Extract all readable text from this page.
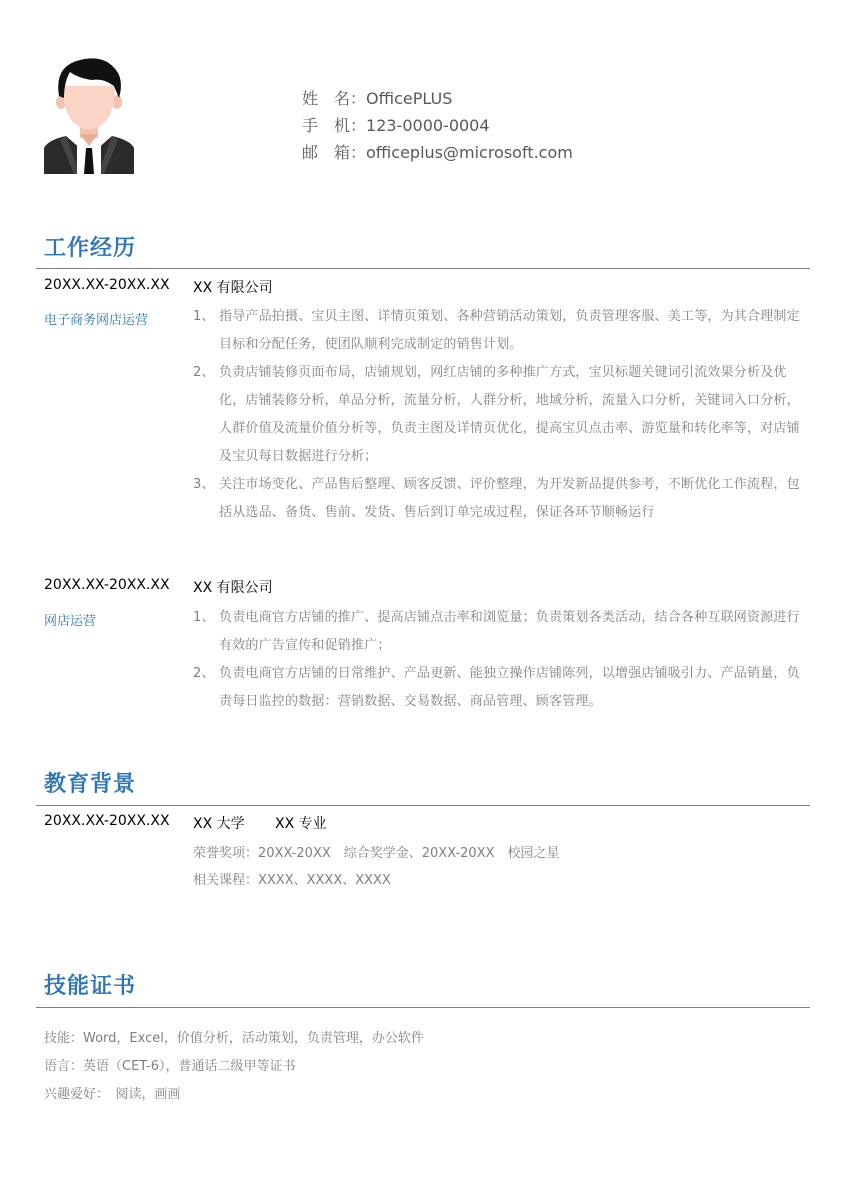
姓　名：OfficePLUS
手　机：123-0000-0004
邮　箱：officeplus@microsoft.com
工作经历
20XX.XX-20XX.XX XX 有限公司
电子商务网店运营	1、 指导产品拍摄、宝贝主图、详情页策划、各种营销活动策划，负责管理客服、美工等，为其合理制定目标和分配任务，使团队顺利完成制定的销售计划。
2、 负责店铺装修页面布局，店铺规划，网红店铺的多种推广方式，宝贝标题关键词引流效果分析及优化，店铺装修分析，单品分析，流量分析，人群分析，地域分析，流量入口分析，关键词入口分析，人群价值及流量价值分析等，负责主图及详情页优化，提高宝贝点击率、游览量和转化率等，对店铺及宝贝每日数据进行分析；
3、 关注市场变化、产品售后整理、顾客反馈、评价整理，为开发新品提供参考，不断优化工作流程，包括从选品、备货、售前、发货、售后到订单完成过程，保证各环节顺畅运行
20XX.XX-20XX.XX XX 有限公司
网店运营	1、 负责电商官方店铺的推广、提高店铺点击率和浏览量；负责策划各类活动，结合各种互联网资源进行有效的广告宣传和促销推广；
2、 负责电商官方店铺的日常维护、产品更新、能独立操作店铺陈列，以增强店铺吸引力、产品销量，负责每日监控的数据：营销数据、交易数据、商品管理、顾客管理。
教育背景
20XX.XX-20XX.XX XX 大学 XX 专业
荣誉奖项：20XX-20XX　综合奖学金、20XX-20XX　校园之星
相关课程：XXXX、XXXX、XXXX
技能证书
技能：Word，Excel，价值分析，活动策划，负责管理，办公软件
语言：英语（CET-6），普通话二级甲等证书
兴趣爱好：　阅读，画画
